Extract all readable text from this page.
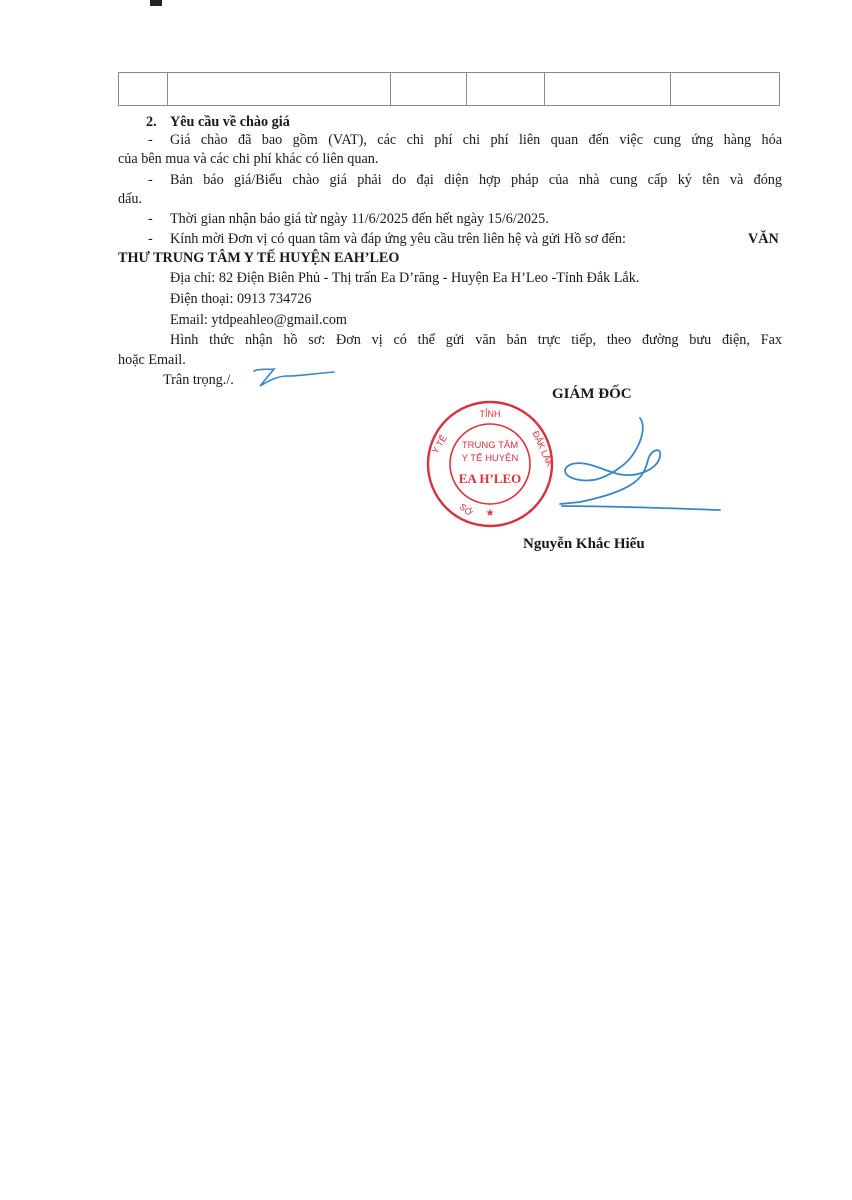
2. Yêu cầu về chào giá
- Giá chào đã bao gồm (VAT), các chi phí chi phí liên quan đến việc cung ứng hàng hóa
của bên mua và các chi phí khác có liên quan.
- Bản báo giá/Biểu chào giá phải do đại diện hợp pháp của nhà cung cấp ký tên và đóng
dấu.
- Thời gian nhận báo giá từ ngày 11/6/2025 đến hết ngày 15/6/2025.
- Kính mời Đơn vị có quan tâm và đáp ứng yêu cầu trên liên hệ và gửi Hồ sơ đến:	VĂN
THƯ TRUNG TÂM Y TẾ HUYỆN EAH’LEO
Địa chỉ: 82 Điện Biên Phủ - Thị trấn Ea D’răng - Huyện Ea H’Leo -Tỉnh Đắk Lắk.
Điện thoại: 0913 734726
Email: ytdpeahleo@gmail.com
Hình thức nhận hồ sơ: Đơn vị có thể gửi văn bản trực tiếp, theo đường bưu điện, Fax
hoặc Email.
Trân trọng./.
GIÁM ĐỐC
TỈNH
Y TẾ	ĐẮK LẮK
SỞ ★
TRUNG TÂM
Y TẾ HUYỆN
EA H’LEO
Nguyễn Khắc Hiếu
